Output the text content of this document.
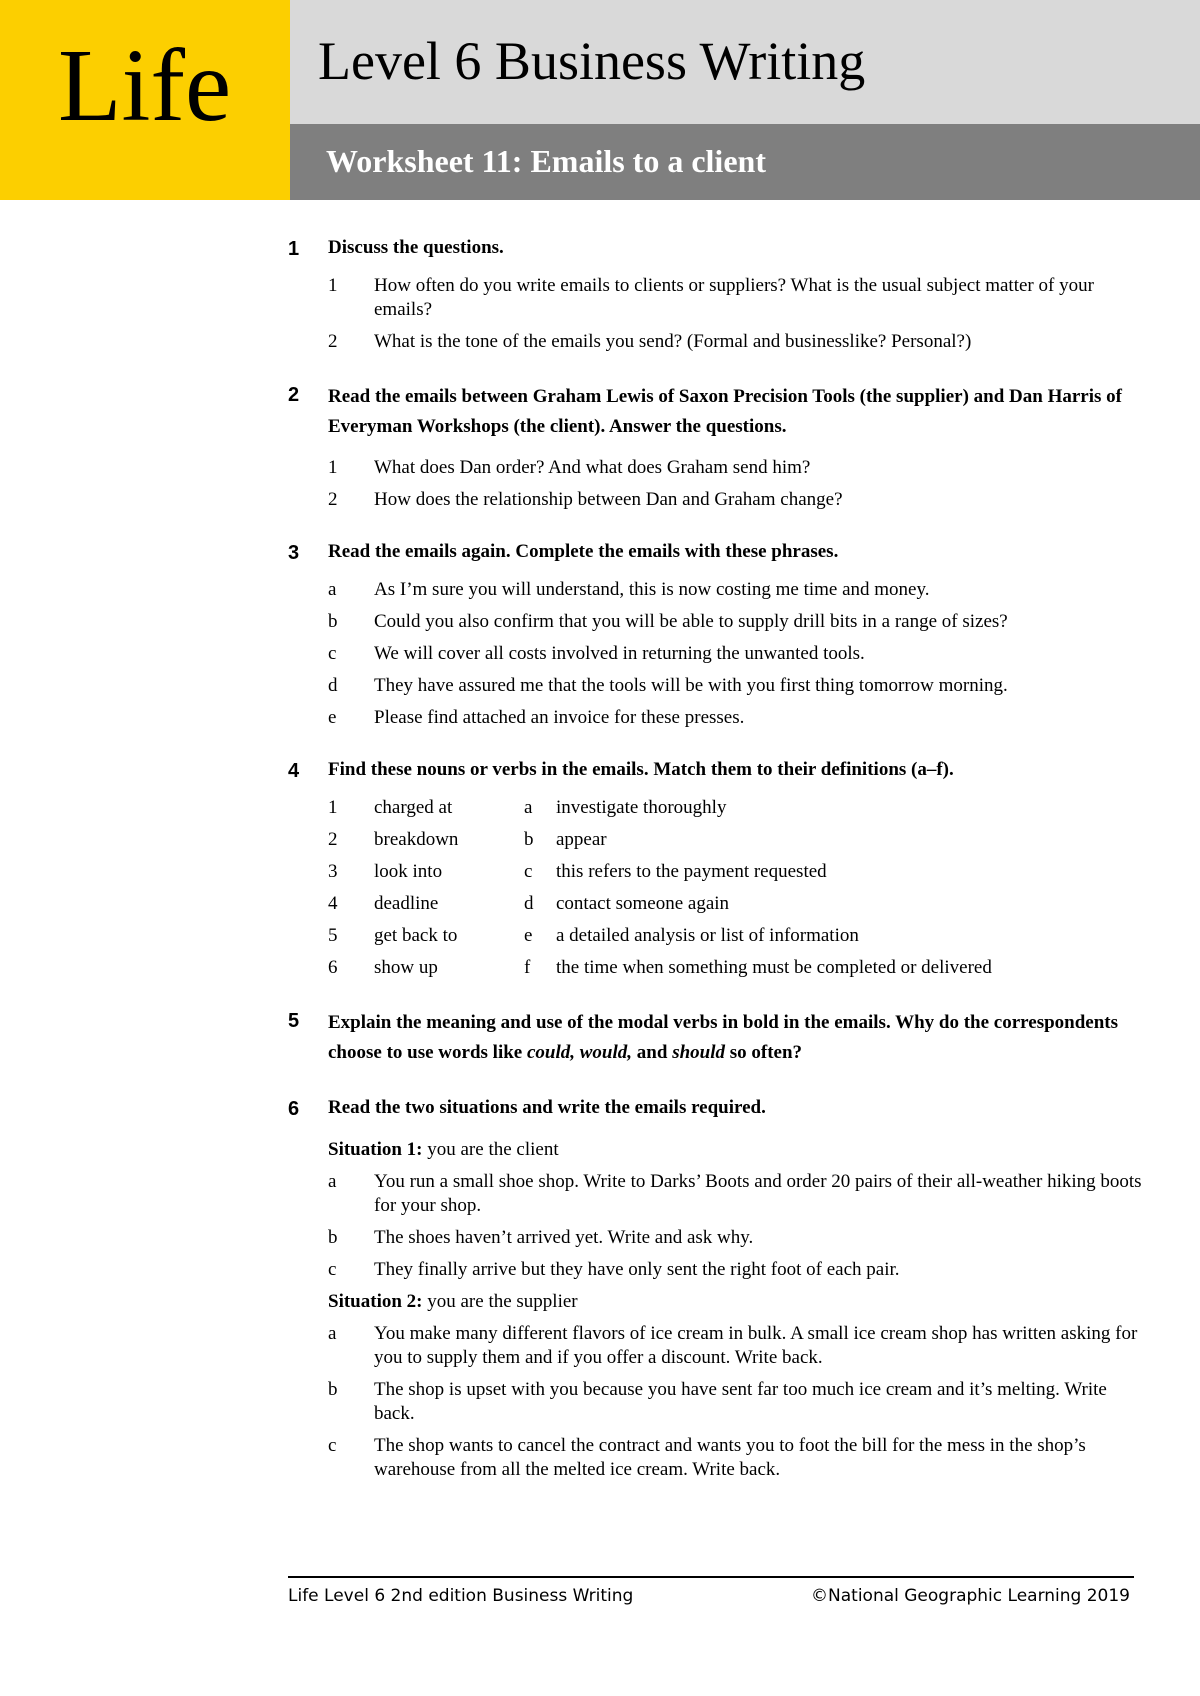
Life Level 6 Business Writing
Worksheet 11: Emails to a client
1 Discuss the questions.

1	How often do you write emails to clients or suppliers? What is the usual subject matter of your emails?
2	What is the tone of the emails you send? (Formal and businesslike? Personal?)
2 Read the emails between Graham Lewis of Saxon Precision Tools (the supplier) and Dan Harris of Everyman Workshops (the client). Answer the questions.

1	What does Dan order? And what does Graham send him?
2	How does the relationship between Dan and Graham change?
3 Read the emails again. Complete the emails with these phrases.

a	As I’m sure you will understand, this is now costing me time and money.
b	Could you also confirm that you will be able to supply drill bits in a range of sizes?
c	We will cover all costs involved in returning the unwanted tools.
d	They have assured me that the tools will be with you first thing tomorrow morning.
e	Please find attached an invoice for these presses.
4 Find these nouns or verbs in the emails. Match them to their definitions (a–f).

1	charged at	a	investigate thoroughly
2	breakdown	b	appear
3	look into	c	this refers to the payment requested
4	deadline	d	contact someone again
5	get back to	e	a detailed analysis or list of information
6	show up	f	the time when something must be completed or delivered
5 Explain the meaning and use of the modal verbs in bold in the emails. Why do the correspondents choose to use words like could, would, and should so often?

6 Read the two situations and write the emails required.

Situation 1: you are the client
a	You run a small shoe shop. Write to Darks’ Boots and order 20 pairs of their all-weather hiking boots for your shop.
b	The shoes haven’t arrived yet. Write and ask why.
c	They finally arrive but they have only sent the right foot of each pair.
Situation 2: you are the supplier
a	You make many different flavors of ice cream in bulk. A small ice cream shop has written asking for you to supply them and if you offer a discount. Write back.
b	The shop is upset with you because you have sent far too much ice cream and it’s melting. Write back.
c	The shop wants to cancel the contract and wants you to foot the bill for the mess in the shop’s warehouse from all the melted ice cream. Write back.
Life Level 6 2nd edition Business Writing	©National Geographic Learning 2019
